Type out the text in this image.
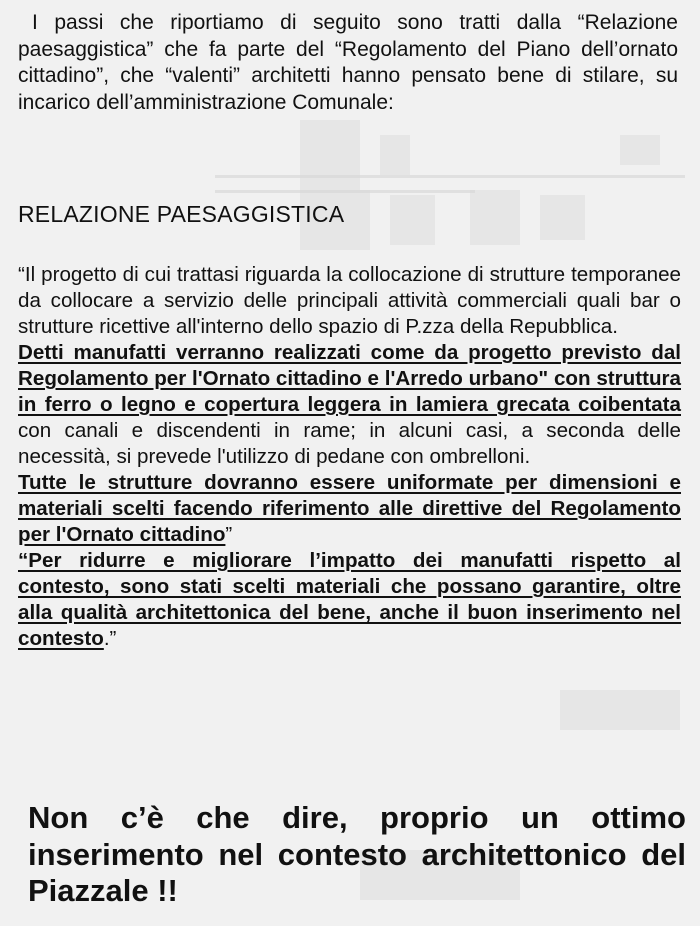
I passi che riportiamo di seguito sono tratti dalla “Relazione paesaggistica” che fa parte del “Regolamento del Piano dell’ornato cittadino”, che “valenti” architetti hanno pensato bene di stilare, su incarico dell’amministrazione Comunale:
RELAZIONE PAESAGGISTICA

“Il progetto di cui trattasi riguarda la collocazione di strutture temporanee da collocare a servizio delle principali attività commerciali quali bar o strutture ricettive all'interno dello spazio di P.zza della Repubblica.

Detti manufatti verranno realizzati come da progetto previsto dal Regolamento per l'Ornato cittadino e l'Arredo urbano" con struttura in ferro o legno e copertura leggera in lamiera grecata coibentata con canali e discendenti in rame; in alcuni casi, a seconda delle necessità, si prevede l'utilizzo di pedane con ombrelloni.

Tutte le strutture dovranno essere uniformate per dimensioni e materiali scelti facendo riferimento alle direttive del Regolamento per l'Ornato cittadino”

“Per ridurre e migliorare l’impatto dei manufatti rispetto al contesto, sono stati scelti materiali che possano garantire, oltre alla qualità architettonica del bene, anche il buon inserimento nel contesto.”

Non c’è che dire, proprio un ottimo inserimento nel contesto architettonico del Piazzale !!
